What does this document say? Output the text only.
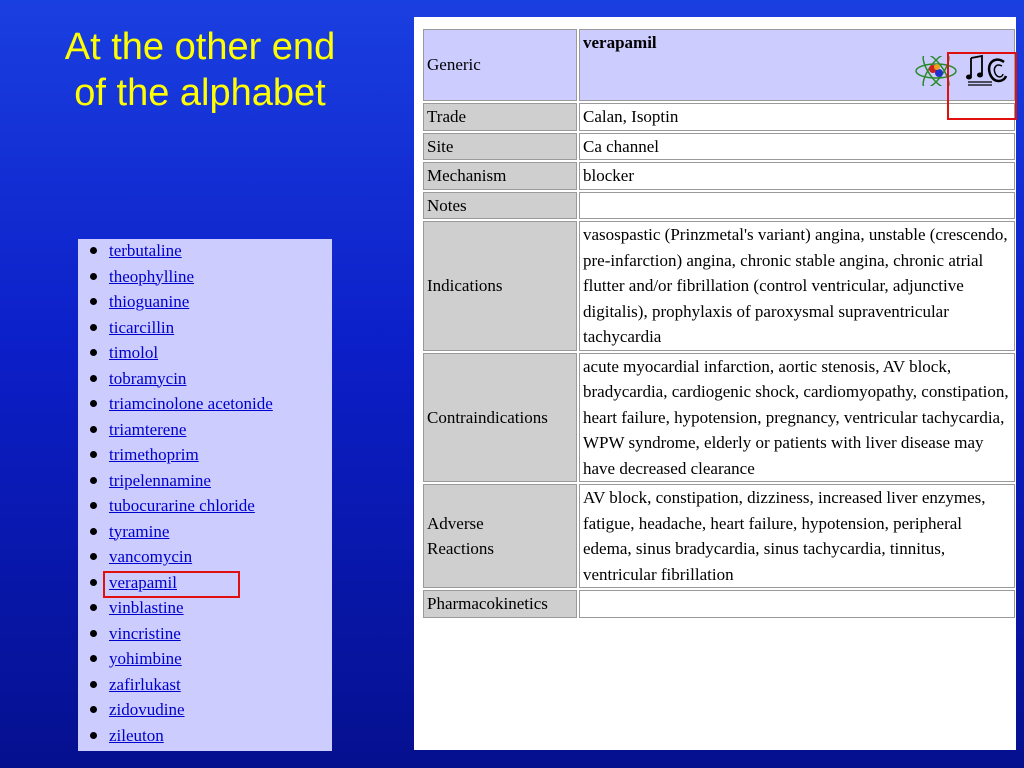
At the other end of the alphabet
terbutaline
theophylline
thioguanine
ticarcillin
timolol
tobramycin
triamcinolone acetonide
triamterene
trimethoprim
tripelennamine
tubocurarine chloride
tyramine
vancomycin
verapamil
vinblastine
vincristine
yohimbine
zafirlukast
zidovudine
zileuton
Generic	verapamil

Trade	Calan, Isoptin
Site	Ca channel
Mechanism	blocker
Notes	
Indications	vasospastic (Prinzmetal's variant) angina, unstable (crescendo, pre-infarction) angina, chronic stable angina, chronic atrial flutter and/or fibrillation (control ventricular, adjunctive digitalis), prophylaxis of paroxysmal supraventricular tachycardia
Contraindications	acute myocardial infarction, aortic stenosis, AV block, bradycardia, cardiogenic shock, cardiomyopathy, constipation, heart failure, hypotension, pregnancy, ventricular tachycardia, WPW syndrome, elderly or patients with liver disease may have decreased clearance
Adverse Reactions	AV block, constipation, dizziness, increased liver enzymes, fatigue, headache, heart failure, hypotension, peripheral edema, sinus bradycardia, sinus tachycardia, tinnitus, ventricular fibrillation
Pharmacokinetics	
